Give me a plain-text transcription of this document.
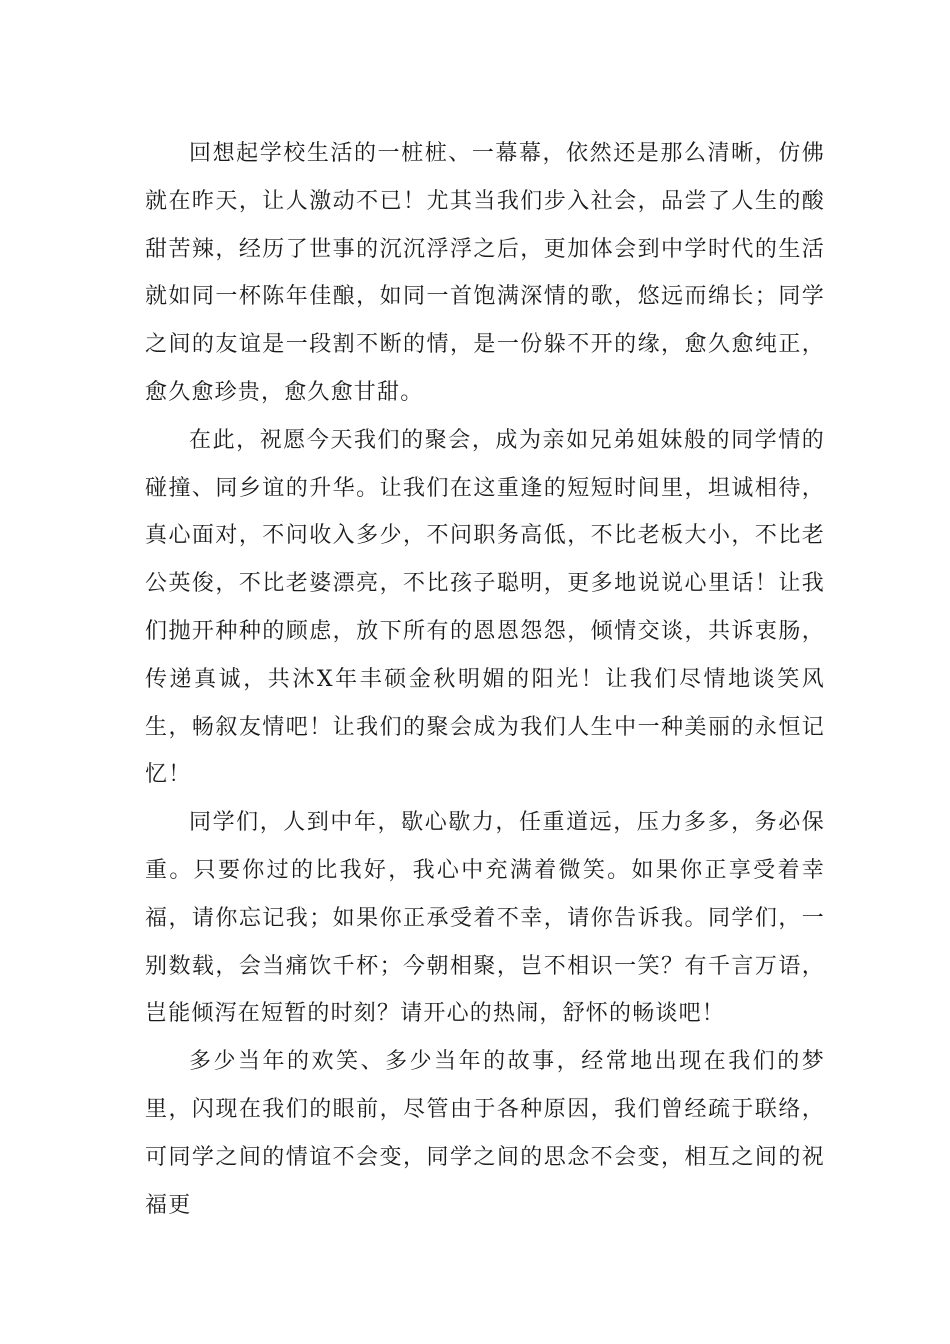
回想起学校生活的一桩桩、一幕幕，依然还是那么清晰，仿佛就在昨天，让人激动不已！尤其当我们步入社会，品尝了人生的酸甜苦辣，经历了世事的沉沉浮浮之后，更加体会到中学时代的生活就如同一杯陈年佳酿，如同一首饱满深情的歌，悠远而绵长；同学之间的友谊是一段割不断的情，是一份躲不开的缘，愈久愈纯正，愈久愈珍贵，愈久愈甘甜。

在此，祝愿今天我们的聚会，成为亲如兄弟姐妹般的同学情的碰撞、同乡谊的升华。让我们在这重逢的短短时间里，坦诚相待，真心面对，不问收入多少，不问职务高低，不比老板大小，不比老公英俊，不比老婆漂亮，不比孩子聪明，更多地说说心里话！让我们抛开种种的顾虑，放下所有的恩恩怨怨，倾情交谈，共诉衷肠，传递真诚，共沐X年丰硕金秋明媚的阳光！让我们尽情地谈笑风生，畅叙友情吧！让我们的聚会成为我们人生中一种美丽的永恒记忆！

同学们，人到中年，歇心歇力，任重道远，压力多多，务必保重。只要你过的比我好，我心中充满着微笑。如果你正享受着幸福，请你忘记我；如果你正承受着不幸，请你告诉我。同学们，一别数载，会当痛饮千杯；今朝相聚，岂不相识一笑？有千言万语，岂能倾泻在短暂的时刻？请开心的热闹，舒怀的畅谈吧！

多少当年的欢笑、多少当年的故事，经常地出现在我们的梦里，闪现在我们的眼前，尽管由于各种原因，我们曾经疏于联络，可同学之间的情谊不会变，同学之间的思念不会变，相互之间的祝福更
